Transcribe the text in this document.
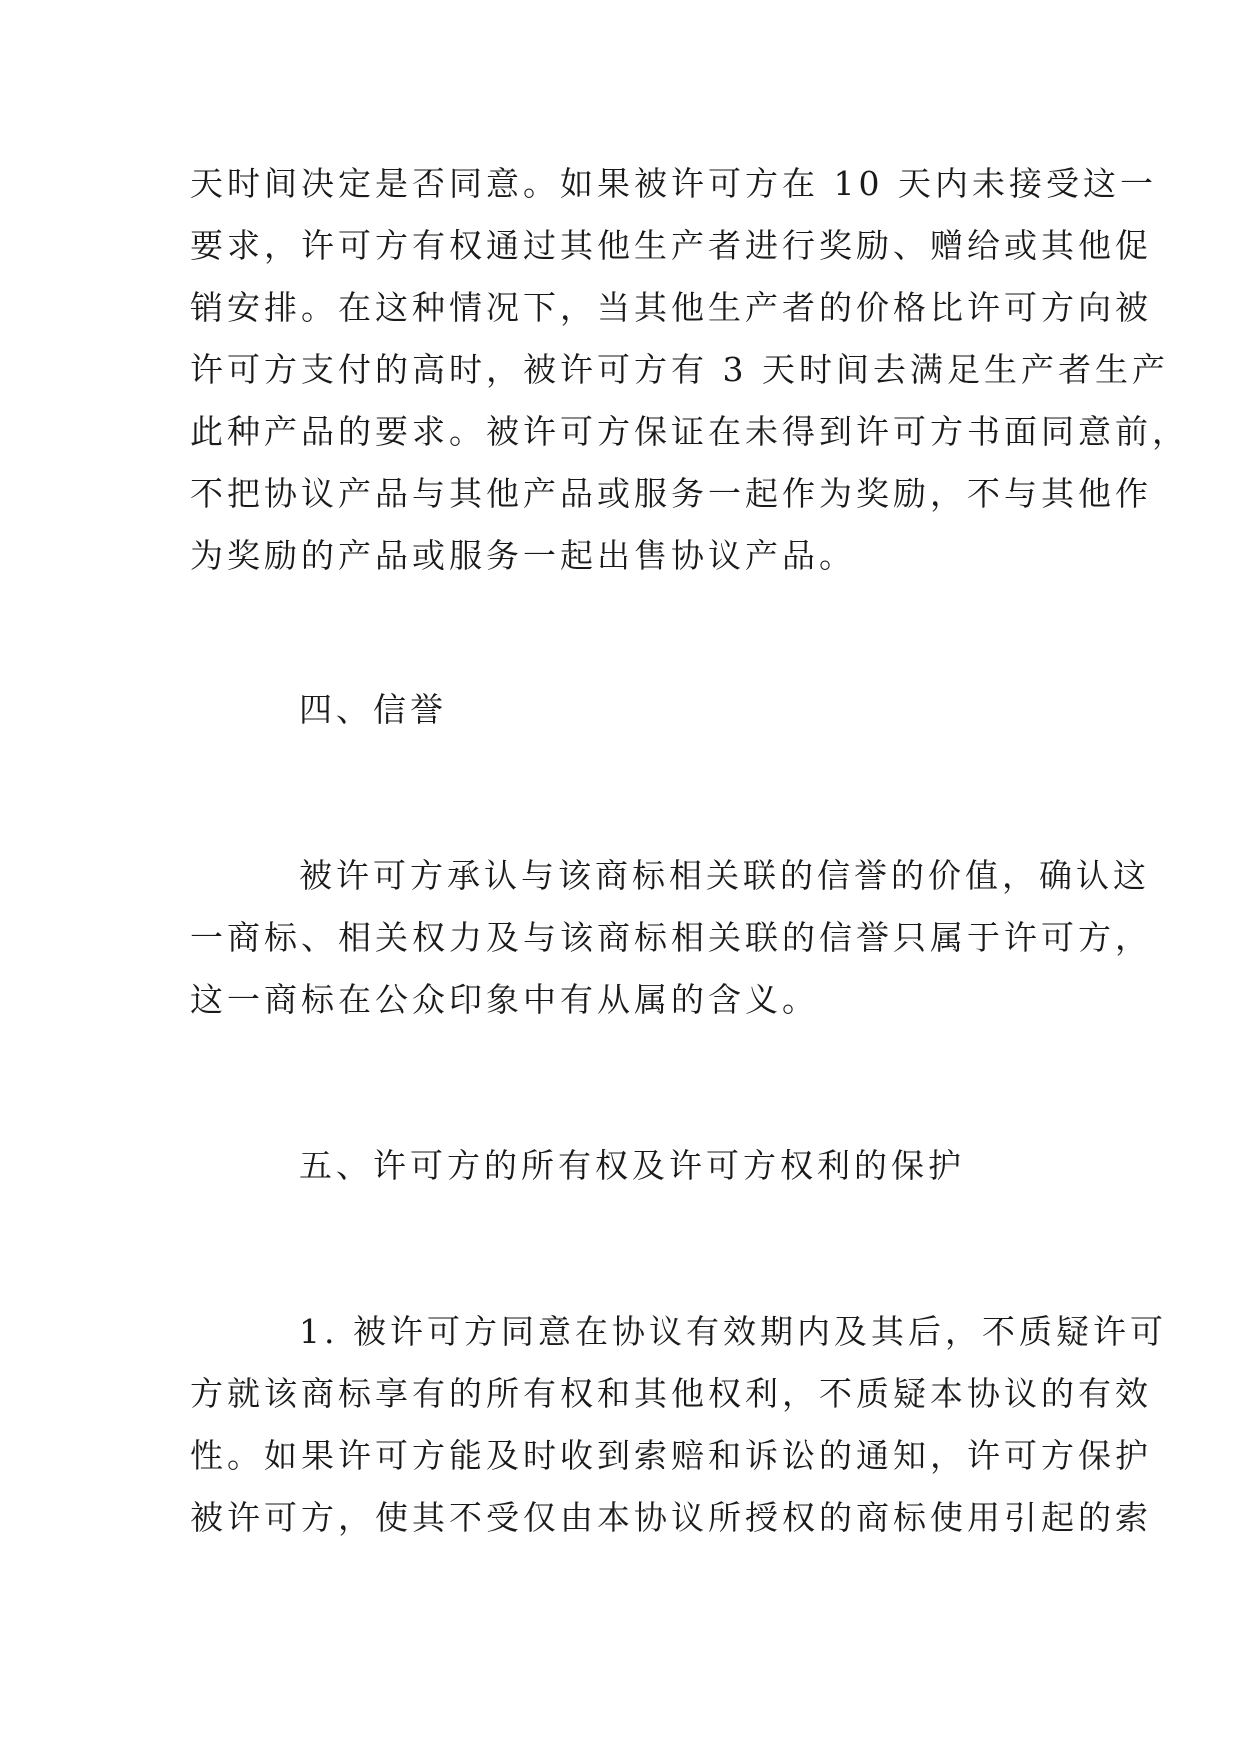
天时间决定是否同意。如果被许可方在 10 天内未接受这一
要求，许可方有权通过其他生产者进行奖励、赠给或其他促
销安排。在这种情况下，当其他生产者的价格比许可方向被
许可方支付的高时，被许可方有 3 天时间去满足生产者生产
此种产品的要求。被许可方保证在未得到许可方书面同意前，
不把协议产品与其他产品或服务一起作为奖励，不与其他作
为奖励的产品或服务一起出售协议产品。
四、信誉
被许可方承认与该商标相关联的信誉的价值，确认这
一商标、相关权力及与该商标相关联的信誉只属于许可方，
这一商标在公众印象中有从属的含义。
五、许可方的所有权及许可方权利的保护
1. 被许可方同意在协议有效期内及其后，不质疑许可
方就该商标享有的所有权和其他权利，不质疑本协议的有效
性。如果许可方能及时收到索赔和诉讼的通知，许可方保护
被许可方，使其不受仅由本协议所授权的商标使用引起的索
